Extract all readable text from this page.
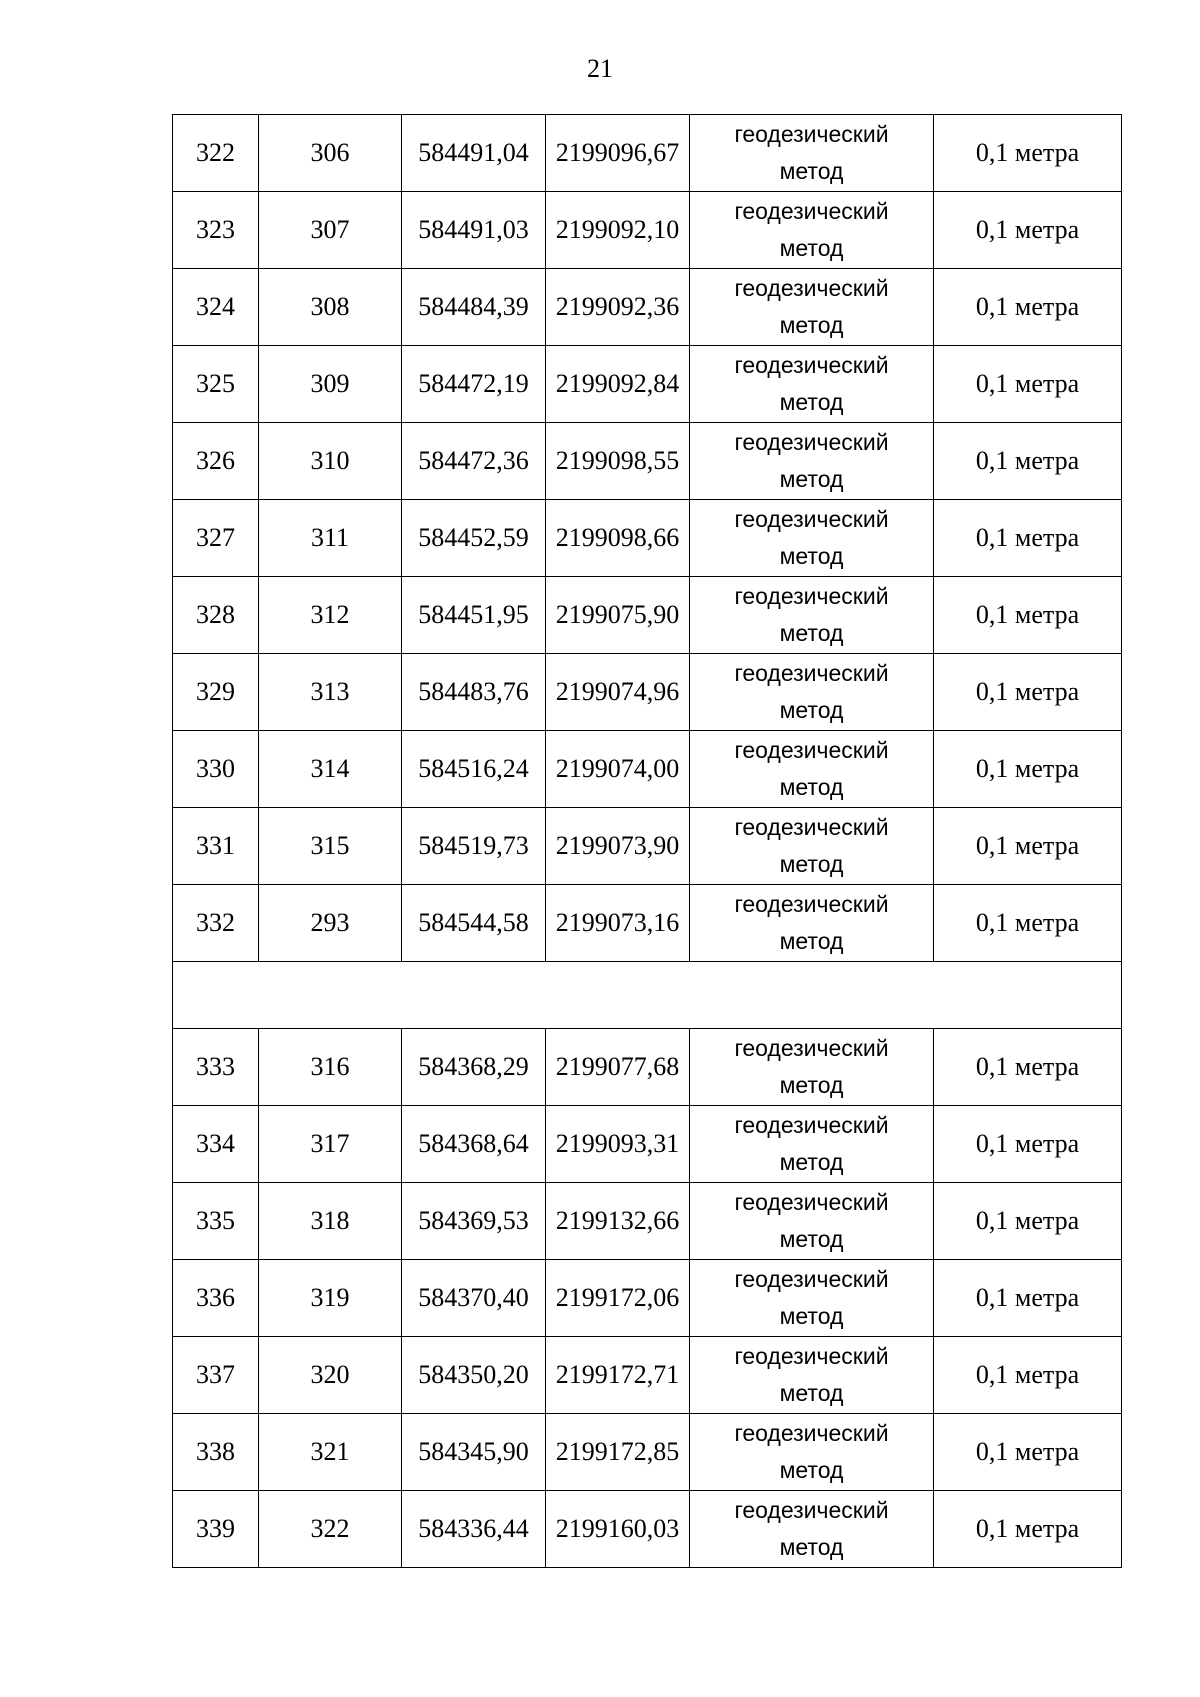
21
322	306	584491,04	2199096,67	геодезический
метод	0,1 метра
323	307	584491,03	2199092,10	геодезический
метод	0,1 метра
324	308	584484,39	2199092,36	геодезический
метод	0,1 метра
325	309	584472,19	2199092,84	геодезический
метод	0,1 метра
326	310	584472,36	2199098,55	геодезический
метод	0,1 метра
327	311	584452,59	2199098,66	геодезический
метод	0,1 метра
328	312	584451,95	2199075,90	геодезический
метод	0,1 метра
329	313	584483,76	2199074,96	геодезический
метод	0,1 метра
330	314	584516,24	2199074,00	геодезический
метод	0,1 метра
331	315	584519,73	2199073,90	геодезический
метод	0,1 метра
332	293	584544,58	2199073,16	геодезический
метод	0,1 метра

333	316	584368,29	2199077,68	геодезический
метод	0,1 метра
334	317	584368,64	2199093,31	геодезический
метод	0,1 метра
335	318	584369,53	2199132,66	геодезический
метод	0,1 метра
336	319	584370,40	2199172,06	геодезический
метод	0,1 метра
337	320	584350,20	2199172,71	геодезический
метод	0,1 метра
338	321	584345,90	2199172,85	геодезический
метод	0,1 метра
339	322	584336,44	2199160,03	геодезический
метод	0,1 метра
